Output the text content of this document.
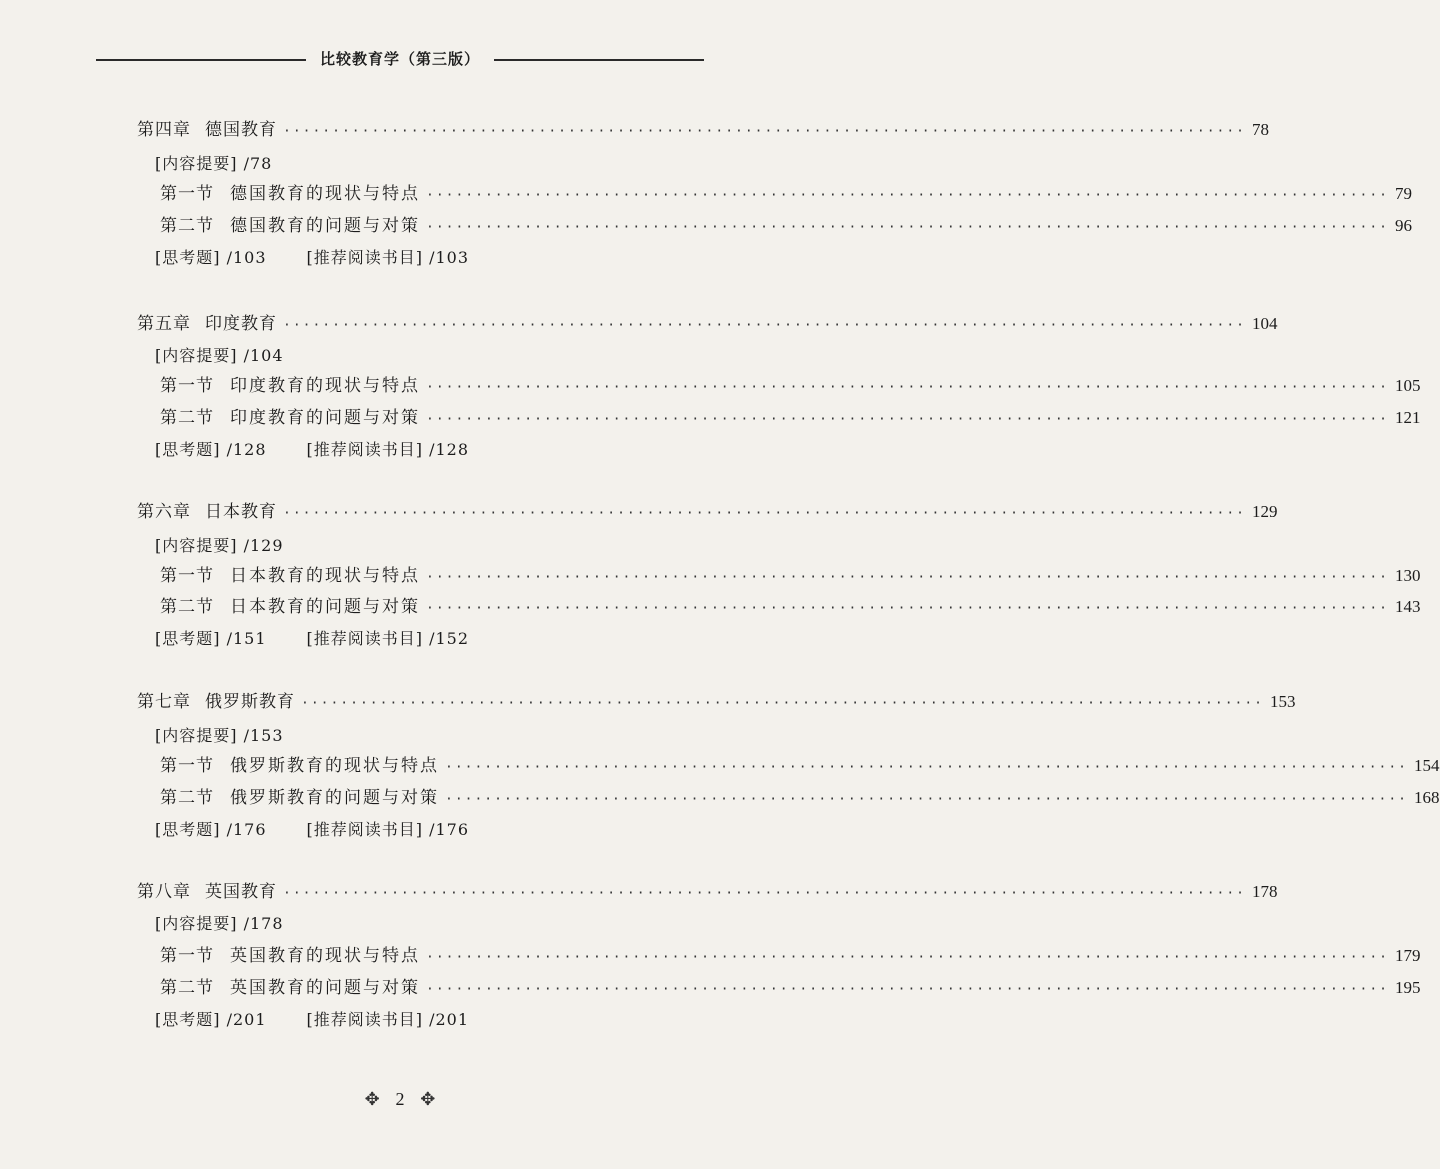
比较教育学（第三版）
第四章 德国教育 ·································································································· 78
[内容提要] /78
第一节 德国教育的现状与特点 ·································································································· 79
第二节 德国教育的问题与对策 ·································································································· 96
[思考题] /103	[推荐阅读书目] /103
第五章 印度教育 ·································································································· 104
[内容提要] /104
第一节 印度教育的现状与特点 ·································································································· 105
第二节 印度教育的问题与对策 ·································································································· 121
[思考题] /128	[推荐阅读书目] /128
第六章 日本教育 ·································································································· 129
[内容提要] /129
第一节 日本教育的现状与特点 ·································································································· 130
第二节 日本教育的问题与对策 ·································································································· 143
[思考题] /151	[推荐阅读书目] /152
第七章 俄罗斯教育 ·································································································· 153
[内容提要] /153
第一节 俄罗斯教育的现状与特点 ·································································································· 154
第二节 俄罗斯教育的问题与对策 ·································································································· 168
[思考题] /176	[推荐阅读书目] /176
第八章 英国教育 ·································································································· 178
[内容提要] /178
第一节 英国教育的现状与特点 ·································································································· 179
第二节 英国教育的问题与对策 ·································································································· 195
[思考题] /201	[推荐阅读书目] /201
✥ 2 ✥
